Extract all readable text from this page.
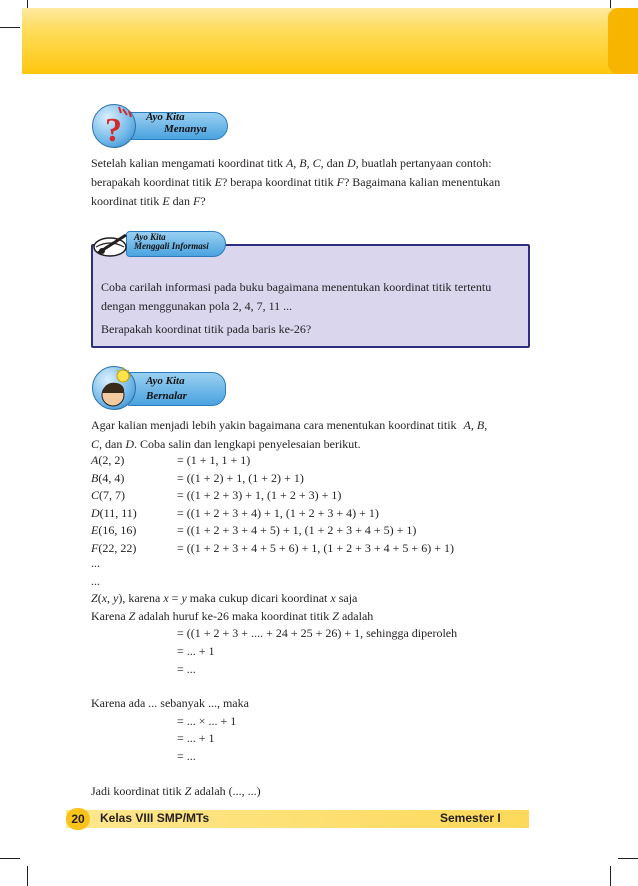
? Ayo Kita
Menanya
Setelah kalian mengamati koordinat titk A, B, C, dan D, buatlah pertanyaan contoh:
berapakah koordinat titik E? berapa koordinat titik F? Bagaimana kalian menentukan
koordinat titik E dan F?
Ayo Kita
Menggali Informasi
Coba carilah informasi pada buku bagaimana menentukan koordinat titik tertentu
dengan menggunakan pola 2, 4, 7, 11 ...
Berapakah koordinat titik pada baris ke-26?
Ayo Kita
Bernalar
Agar kalian menjadi lebih yakin bagaimana cara menentukan koordinat titik A, B,
C, dan D. Coba salin dan lengkapi penyelesaian berikut.
A(2, 2)	= (1 + 1, 1 + 1)
B(4, 4)	= ((1 + 2) + 1, (1 + 2) + 1)
C(7, 7)	= ((1 + 2 + 3) + 1, (1 + 2 + 3) + 1)
D(11, 11)	= ((1 + 2 + 3 + 4) + 1, (1 + 2 + 3 + 4) + 1)
E(16, 16)	= ((1 + 2 + 3 + 4 + 5) + 1, (1 + 2 + 3 + 4 + 5) + 1)
F(22, 22)	= ((1 + 2 + 3 + 4 + 5 + 6) + 1, (1 + 2 + 3 + 4 + 5 + 6) + 1)
...
...
Z(x, y), karena x = y maka cukup dicari koordinat x saja
Karena Z adalah huruf ke-26 maka koordinat titik Z adalah
= ((1 + 2 + 3 + .... + 24 + 25 + 26) + 1, sehingga diperoleh
= ... + 1
= ...
Karena ada ... sebanyak ..., maka
= ... × ... + 1
= ... + 1
= ...
Jadi koordinat titik Z adalah (..., ...)
20	Kelas VIII SMP/MTs	Semester I
